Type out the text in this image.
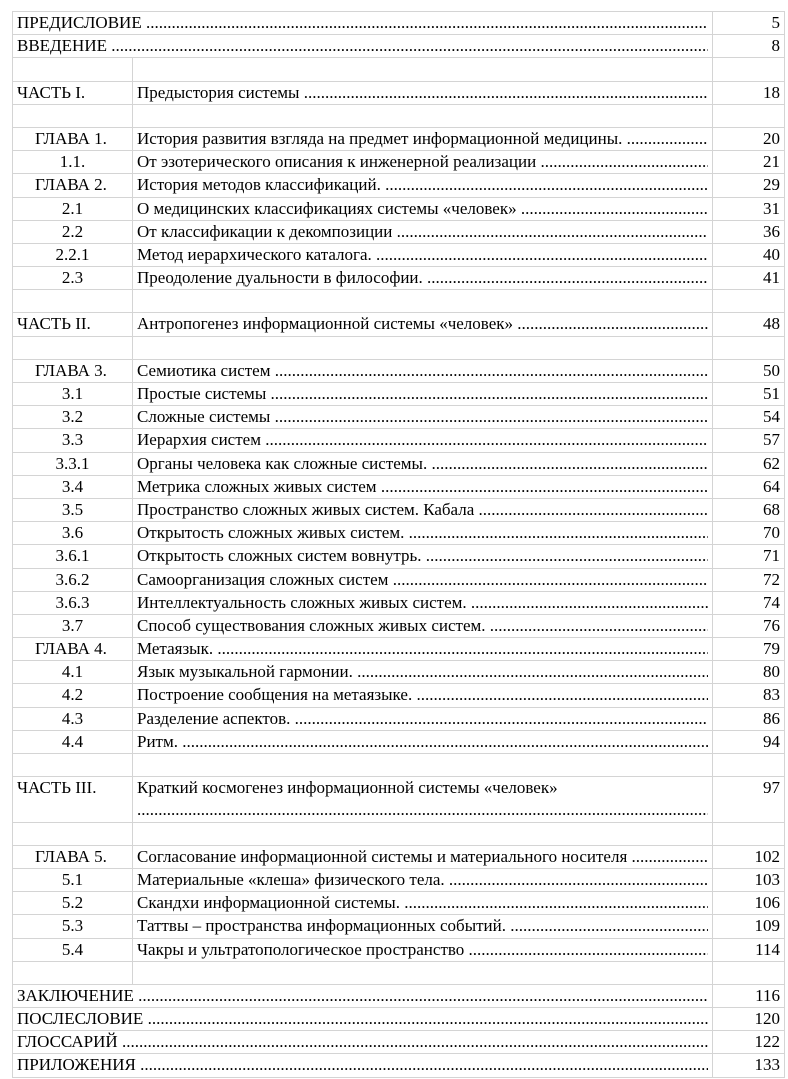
ПРЕДИСЛОВИЕ .....		5

ВВЕДЕНИЕ .....		8

ЧАСТЬ I.	Предыстория системы .....	18

ГЛАВА 1.	История развития взгляда на предмет информационной медицины. .....	20
1.1.	От эзотерического описания к инженерной реализации .....	21
ГЛАВА 2.	История методов классификаций. .....	29
2.1	О медицинских классификациях системы «человек» .....	31
2.2	От классификации к декомпозиции .....	36
2.2.1	Метод иерархического каталога. .....	40
2.3	Преодоление дуальности в философии. .....	41

ЧАСТЬ II.	Антропогенез информационной системы «человек» .....	48

ГЛАВА 3.	Семиотика систем .....	50
3.1	Простые системы .....	51
3.2	Сложные системы .....	54
3.3	Иерархия систем .....	57
3.3.1	Органы человека как сложные системы. .....	62
3.4	Метрика сложных живых систем .....	64
3.5	Пространство сложных живых систем. Кабала .....	68
3.6	Открытость сложных живых систем. .....	70
3.6.1	Открытость сложных систем вовнутрь. .....	71
3.6.2	Самоорганизация сложных систем .....	72
3.6.3	Интеллектуальность сложных живых систем. .....	74
3.7	Способ существования сложных живых систем. .....	76
ГЛАВА 4.	Метаязык. .....	79
4.1	Язык музыкальной гармонии. .....	80
4.2	Построение сообщения на метаязыке. .....	83
4.3	Разделение аспектов. .....	86
4.4	Ритм. .....	94

ЧАСТЬ III.	Краткий космогенез информационной системы «человек»
.....	97

ГЛАВА 5.	Согласование информационной системы и материального носителя .....	102
5.1	Материальные «клеша» физического тела. .....	103
5.2	Скандхи информационной системы. .....	106
5.3	Таттвы – пространства информационных событий. .....	109
5.4	Чакры и ультратопологическое пространство .....	114

ЗАКЛЮЧЕНИЕ .....		116

ПОСЛЕСЛОВИЕ .....		120

ГЛОССАРИЙ .....		122

ПРИЛОЖЕНИЯ .....		133
